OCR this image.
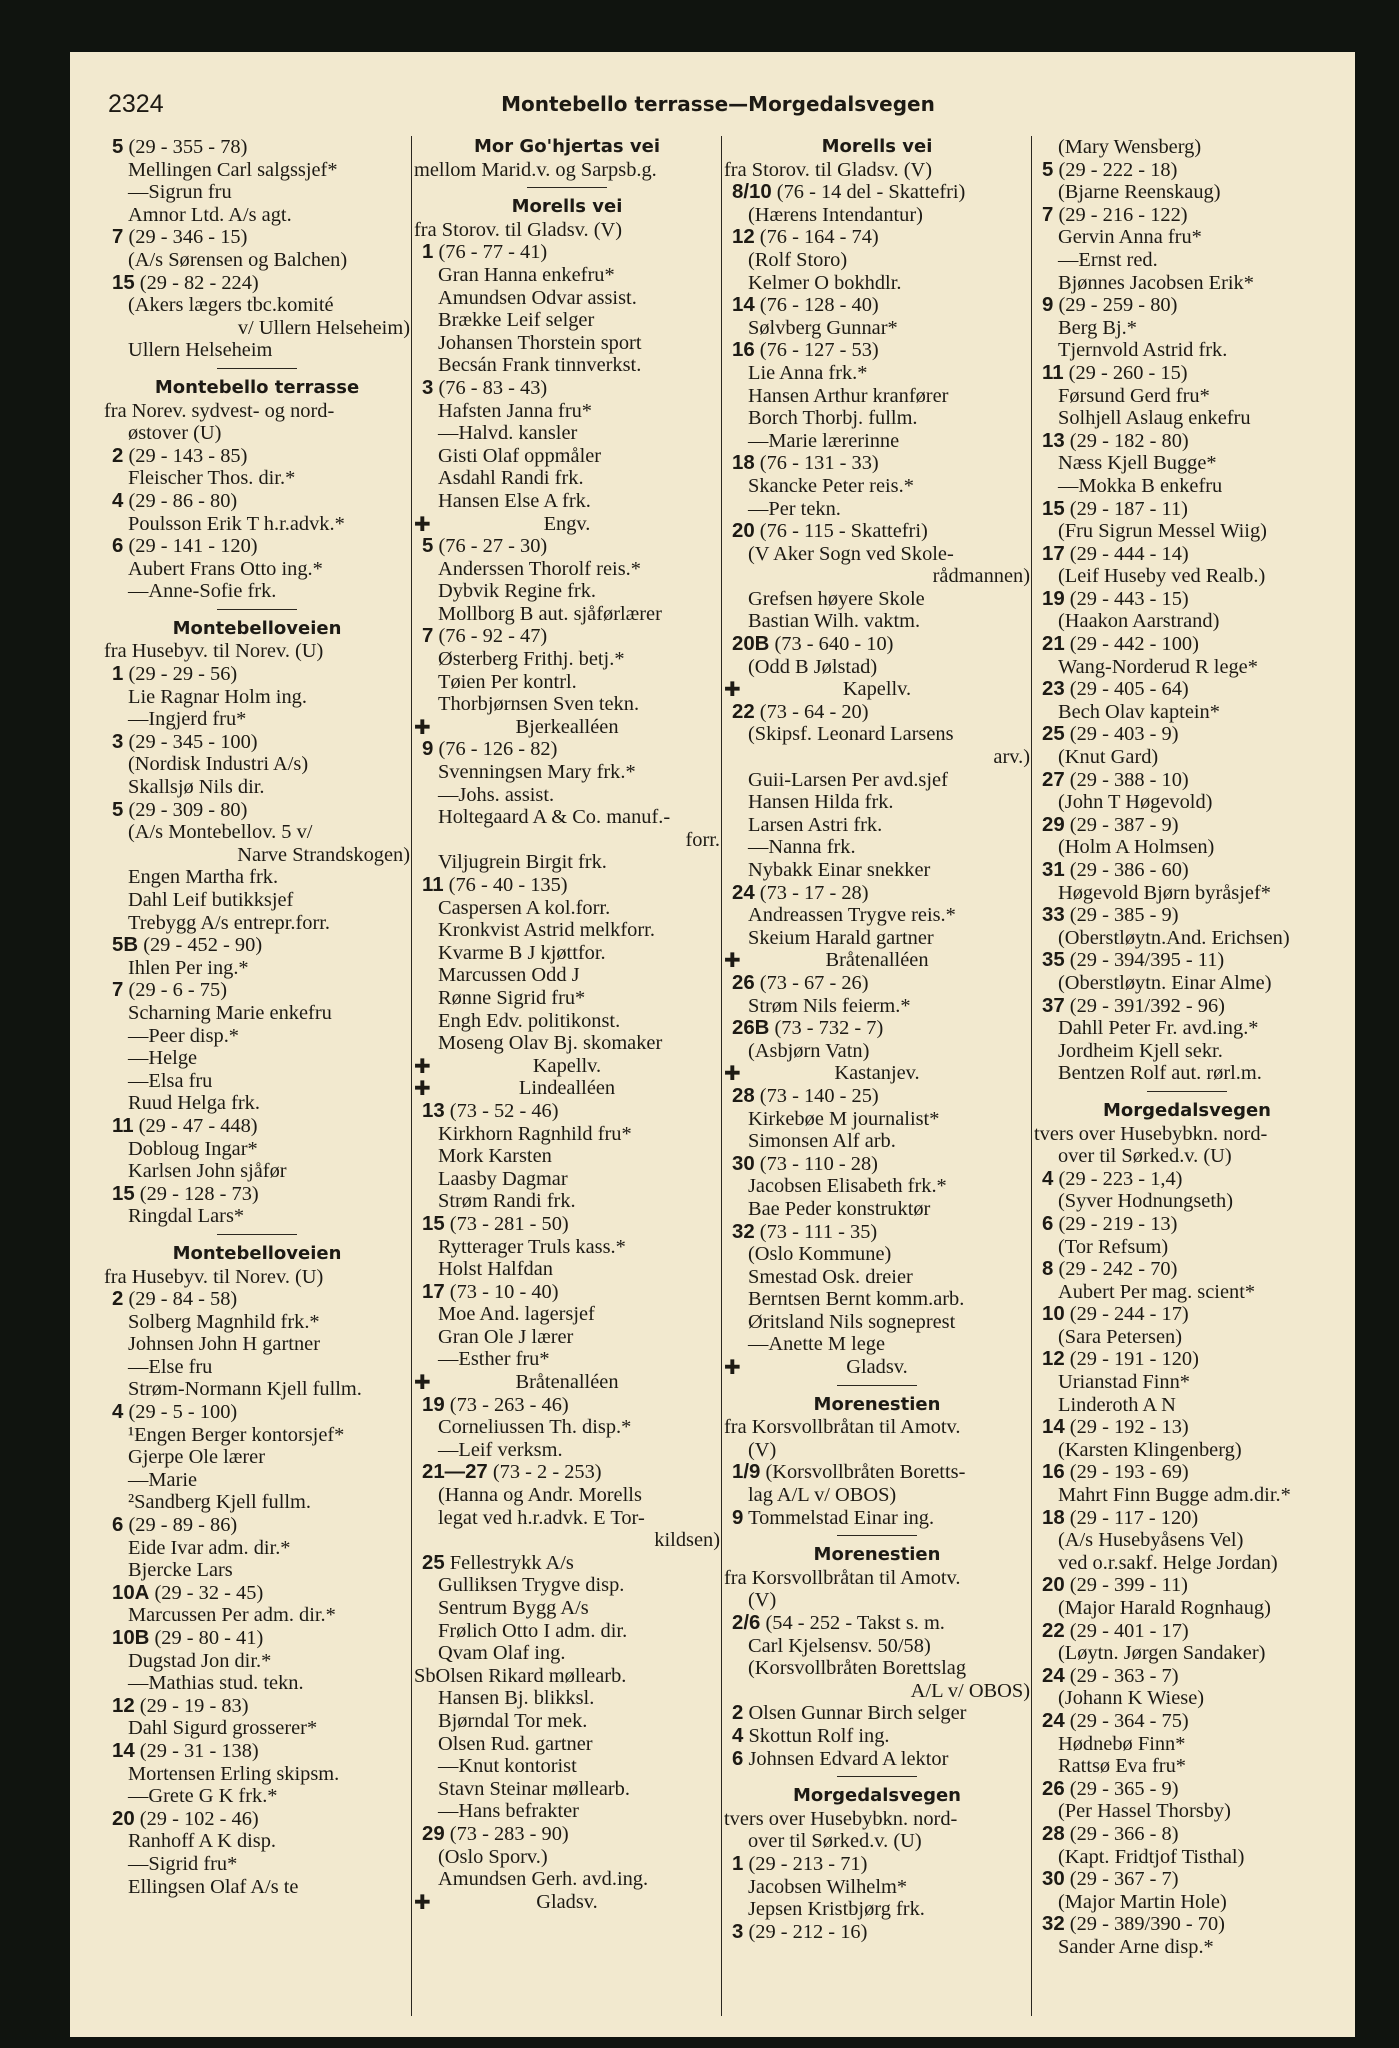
2324	Montebello terrasse—Morgedalsvegen
5 (29 - 355 - 78)
Mellingen Carl salgssjef*
—Sigrun fru
Amnor Ltd. A/s agt.
7 (29 - 346 - 15)
(A/s Sørensen og Balchen)
15 (29 - 82 - 224)
(Akers lægers tbc.komité
v/ Ullern Helseheim)
Ullern Helseheim
Montebello terrasse
fra Norev. sydvest- og nord-
østover (U)
2 (29 - 143 - 85)
Fleischer Thos. dir.*
4 (29 - 86 - 80)
Poulsson Erik T h.r.advk.*
6 (29 - 141 - 120)
Aubert Frans Otto ing.*
—Anne-Sofie frk.
Montebelloveien
fra Husebyv. til Norev. (U)
1 (29 - 29 - 56)
Lie Ragnar Holm ing.
—Ingjerd fru*
3 (29 - 345 - 100)
(Nordisk Industri A/s)
Skallsjø Nils dir.
5 (29 - 309 - 80)
(A/s Montebellov. 5 v/
Narve Strandskogen)
Engen Martha frk.
Dahl Leif butikksjef
Trebygg A/s entrepr.forr.
5B (29 - 452 - 90)
Ihlen Per ing.*
7 (29 - 6 - 75)
Scharning Marie enkefru
—Peer disp.*
—Helge
—Elsa fru
Ruud Helga frk.
11 (29 - 47 - 448)
Dobloug Ingar*
Karlsen John sjåfør
15 (29 - 128 - 73)
Ringdal Lars*
Montebelloveien
fra Husebyv. til Norev. (U)
2 (29 - 84 - 58)
Solberg Magnhild frk.*
Johnsen John H gartner
—Else fru
Strøm-Normann Kjell fullm.
4 (29 - 5 - 100)
¹Engen Berger kontorsjef*
Gjerpe Ole lærer
—Marie
²Sandberg Kjell fullm.
6 (29 - 89 - 86)
Eide Ivar adm. dir.*
Bjercke Lars
10A (29 - 32 - 45)
Marcussen Per adm. dir.*
10B (29 - 80 - 41)
Dugstad Jon dir.*
—Mathias stud. tekn.
12 (29 - 19 - 83)
Dahl Sigurd grosserer*
14 (29 - 31 - 138)
Mortensen Erling skipsm.
—Grete G K frk.*
20 (29 - 102 - 46)
Ranhoff A K disp.
—Sigrid fru*
Ellingsen Olaf A/s te
Mor Go'hjertas vei
mellom Marid.v. og Sarpsb.g.
Morells vei
fra Storov. til Gladsv. (V)
1 (76 - 77 - 41)
Gran Hanna enkefru*
Amundsen Odvar assist.
Brække Leif selger
Johansen Thorstein sport
Becsán Frank tinnverkst.
3 (76 - 83 - 43)
Hafsten Janna fru*
—Halvd. kansler
Gisti Olaf oppmåler
Asdahl Randi frk.
Hansen Else A frk.
✚	Engv.
5 (76 - 27 - 30)
Anderssen Thorolf reis.*
Dybvik Regine frk.
Mollborg B aut. sjåførlærer
7 (76 - 92 - 47)
Østerberg Frithj. betj.*
Tøien Per kontrl.
Thorbjørnsen Sven tekn.
✚	Bjerkealléen
9 (76 - 126 - 82)
Svenningsen Mary frk.*
—Johs. assist.
Holtegaard A & Co. manuf.-
forr.
Viljugrein Birgit frk.
11 (76 - 40 - 135)
Caspersen A kol.forr.
Kronkvist Astrid melkforr.
Kvarme B J kjøttfor.
Marcussen Odd J
Rønne Sigrid fru*
Engh Edv. politikonst.
Moseng Olav Bj. skomaker
✚	Kapellv.
✚	Lindealléen
13 (73 - 52 - 46)
Kirkhorn Ragnhild fru*
Mork Karsten
Laasby Dagmar
Strøm Randi frk.
15 (73 - 281 - 50)
Rytterager Truls kass.*
Holst Halfdan
17 (73 - 10 - 40)
Moe And. lagersjef
Gran Ole J lærer
—Esther fru*
✚	Bråtenalléen
19 (73 - 263 - 46)
Corneliussen Th. disp.*
—Leif verksm.
21—27 (73 - 2 - 253)
(Hanna og Andr. Morells
legat ved h.r.advk. E Tor-
kildsen)
25 Fellestrykk A/s
Gulliksen Trygve disp.
Sentrum Bygg A/s
Frølich Otto I adm. dir.
Qvam Olaf ing.
SbOlsen Rikard møllearb.
Hansen Bj. blikksl.
Bjørndal Tor mek.
Olsen Rud. gartner
—Knut kontorist
Stavn Steinar møllearb.
—Hans befrakter
29 (73 - 283 - 90)
(Oslo Sporv.)
Amundsen Gerh. avd.ing.
✚	Gladsv.
Morells vei
fra Storov. til Gladsv. (V)
8/10 (76 - 14 del - Skattefri)
(Hærens Intendantur)
12 (76 - 164 - 74)
(Rolf Storo)
Kelmer O bokhdlr.
14 (76 - 128 - 40)
Sølvberg Gunnar*
16 (76 - 127 - 53)
Lie Anna frk.*
Hansen Arthur kranfører
Borch Thorbj. fullm.
—Marie lærerinne
18 (76 - 131 - 33)
Skancke Peter reis.*
—Per tekn.
20 (76 - 115 - Skattefri)
(V Aker Sogn ved Skole-
rådmannen)
Grefsen høyere Skole
Bastian Wilh. vaktm.
20B (73 - 640 - 10)
(Odd B Jølstad)
✚	Kapellv.
22 (73 - 64 - 20)
(Skipsf. Leonard Larsens
arv.)
Guii-Larsen Per avd.sjef
Hansen Hilda frk.
Larsen Astri frk.
—Nanna frk.
Nybakk Einar snekker
24 (73 - 17 - 28)
Andreassen Trygve reis.*
Skeium Harald gartner
✚	Bråtenalléen
26 (73 - 67 - 26)
Strøm Nils feierm.*
26B (73 - 732 - 7)
(Asbjørn Vatn)
✚	Kastanjev.
28 (73 - 140 - 25)
Kirkebøe M journalist*
Simonsen Alf arb.
30 (73 - 110 - 28)
Jacobsen Elisabeth frk.*
Bae Peder konstruktør
32 (73 - 111 - 35)
(Oslo Kommune)
Smestad Osk. dreier
Berntsen Bernt komm.arb.
Øritsland Nils sogneprest
—Anette M lege
✚	Gladsv.
Morenestien
fra Korsvollbråtan til Amotv.
(V)
1/9 (Korsvollbråten Boretts-
lag A/L v/ OBOS)
9 Tommelstad Einar ing.
Morenestien
fra Korsvollbråtan til Amotv.
(V)
2/6 (54 - 252 - Takst s. m.
Carl Kjelsensv. 50/58)
(Korsvollbråten Borettslag
A/L v/ OBOS)
2 Olsen Gunnar Birch selger
4 Skottun Rolf ing.
6 Johnsen Edvard A lektor
Morgedalsvegen
tvers over Husebybkn. nord-
over til Sørked.v. (U)
1 (29 - 213 - 71)
Jacobsen Wilhelm*
Jepsen Kristbjørg frk.
3 (29 - 212 - 16)
(Mary Wensberg)
5 (29 - 222 - 18)
(Bjarne Reenskaug)
7 (29 - 216 - 122)
Gervin Anna fru*
—Ernst red.
Bjønnes Jacobsen Erik*
9 (29 - 259 - 80)
Berg Bj.*
Tjernvold Astrid frk.
11 (29 - 260 - 15)
Førsund Gerd fru*
Solhjell Aslaug enkefru
13 (29 - 182 - 80)
Næss Kjell Bugge*
—Mokka B enkefru
15 (29 - 187 - 11)
(Fru Sigrun Messel Wiig)
17 (29 - 444 - 14)
(Leif Huseby ved Realb.)
19 (29 - 443 - 15)
(Haakon Aarstrand)
21 (29 - 442 - 100)
Wang-Norderud R lege*
23 (29 - 405 - 64)
Bech Olav kaptein*
25 (29 - 403 - 9)
(Knut Gard)
27 (29 - 388 - 10)
(John T Høgevold)
29 (29 - 387 - 9)
(Holm A Holmsen)
31 (29 - 386 - 60)
Høgevold Bjørn byråsjef*
33 (29 - 385 - 9)
(Oberstløytn.And. Erichsen)
35 (29 - 394/395 - 11)
(Oberstløytn. Einar Alme)
37 (29 - 391/392 - 96)
Dahll Peter Fr. avd.ing.*
Jordheim Kjell sekr.
Bentzen Rolf aut. rørl.m.
Morgedalsvegen
tvers over Husebybkn. nord-
over til Sørked.v. (U)
4 (29 - 223 - 1,4)
(Syver Hodnungseth)
6 (29 - 219 - 13)
(Tor Refsum)
8 (29 - 242 - 70)
Aubert Per mag. scient*
10 (29 - 244 - 17)
(Sara Petersen)
12 (29 - 191 - 120)
Urianstad Finn*
Linderoth A N
14 (29 - 192 - 13)
(Karsten Klingenberg)
16 (29 - 193 - 69)
Mahrt Finn Bugge adm.dir.*
18 (29 - 117 - 120)
(A/s Husebyåsens Vel)
ved o.r.sakf. Helge Jordan)
20 (29 - 399 - 11)
(Major Harald Rognhaug)
22 (29 - 401 - 17)
(Løytn. Jørgen Sandaker)
24 (29 - 363 - 7)
(Johann K Wiese)
24 (29 - 364 - 75)
Hødnebø Finn*
Rattsø Eva fru*
26 (29 - 365 - 9)
(Per Hassel Thorsby)
28 (29 - 366 - 8)
(Kapt. Fridtjof Tisthal)
30 (29 - 367 - 7)
(Major Martin Hole)
32 (29 - 389/390 - 70)
Sander Arne disp.*
